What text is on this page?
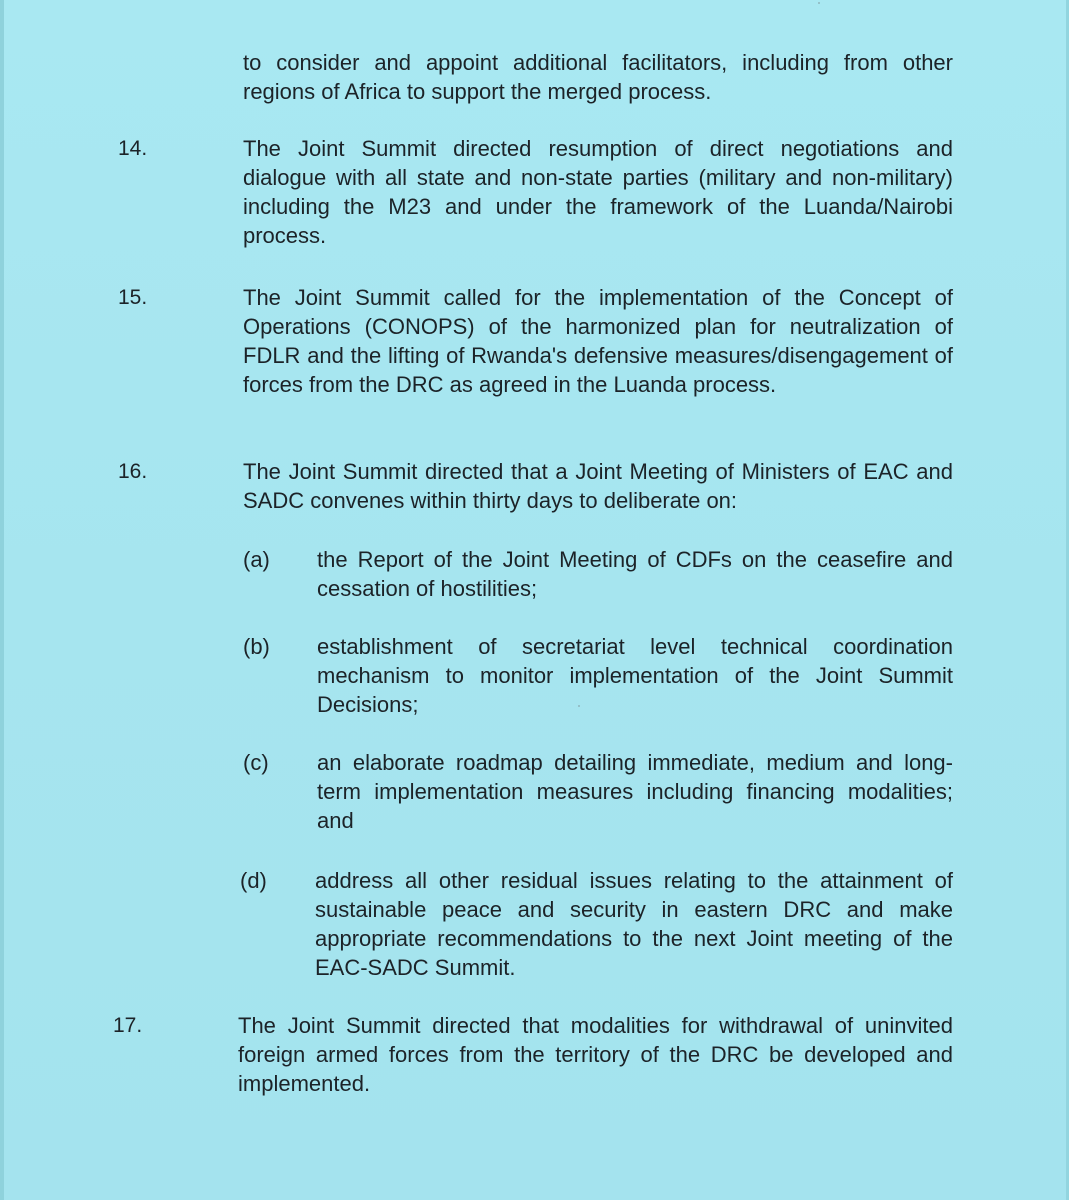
to consider and appoint additional facilitators, including from other regions of Africa to support the merged process.

14.	The Joint Summit directed resumption of direct negotiations and dialogue with all state and non-state parties (military and non-military) including the M23 and under the framework of the Luanda/Nairobi process.

15.	The Joint Summit called for the implementation of the Concept of Operations (CONOPS) of the harmonized plan for neutralization of FDLR and the lifting of Rwanda's defensive measures/disengagement of forces from the DRC as agreed in the Luanda process.

16.	The Joint Summit directed that a Joint Meeting of Ministers of EAC and SADC convenes within thirty days to deliberate on:

(a) the Report of the Joint Meeting of CDFs on the ceasefire and cessation of hostilities;

(b) establishment of secretariat level technical coordination mechanism to monitor implementation of the Joint Summit Decisions;

(c) an elaborate roadmap detailing immediate, medium and long-term implementation measures including financing modalities; and

(d) address all other residual issues relating to the attainment of sustainable peace and security in eastern DRC and make appropriate recommendations to the next Joint meeting of the EAC-SADC Summit.

17.	The Joint Summit directed that modalities for withdrawal of uninvited foreign armed forces from the territory of the DRC be developed and implemented.
